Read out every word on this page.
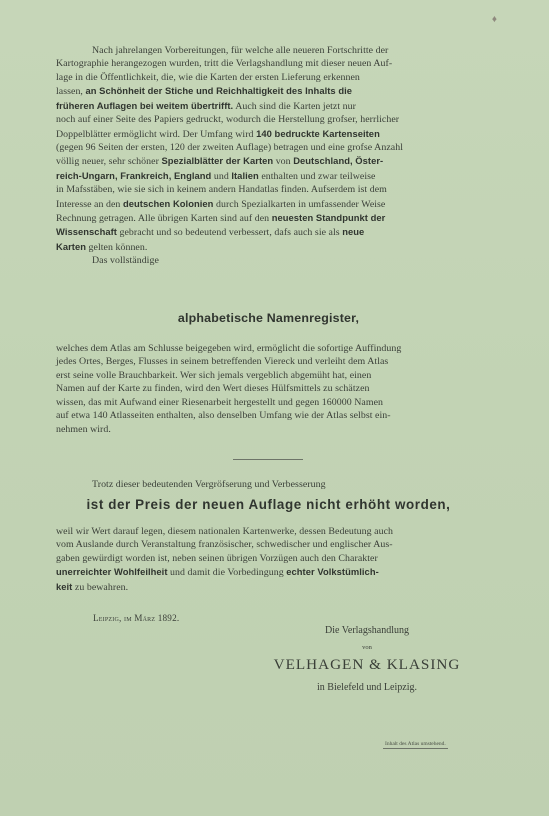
♦
Nach jahrelangen Vorbereitungen, für welche alle neueren Fortschritte der
Kartographie herangezogen wurden, tritt die Verlagshandlung mit dieser neuen Auf-
lage in die Öffentlichkeit, die, wie die Karten der ersten Lieferung erkennen
lassen, an Schönheit der Stiche und Reichhaltigkeit des Inhalts die
früheren Auflagen bei weitem übertrifft. Auch sind die Karten jetzt nur
noch auf einer Seite des Papiers gedruckt, wodurch die Herstellung grofser, herrlicher
Doppelblätter ermöglicht wird. Der Umfang wird 140 bedruckte Kartenseiten
(gegen 96 Seiten der ersten, 120 der zweiten Auflage) betragen und eine grofse Anzahl
völlig neuer, sehr schöner Spezialblätter der Karten von Deutschland, Öster-
reich-Ungarn, Frankreich, England und Italien enthalten und zwar teilweise
in Mafsstäben, wie sie sich in keinem andern Handatlas finden. Aufserdem ist dem
Interesse an den deutschen Kolonien durch Spezialkarten in umfassender Weise
Rechnung getragen. Alle übrigen Karten sind auf den neuesten Standpunkt der
Wissenschaft gebracht und so bedeutend verbessert, dafs auch sie als neue
Karten gelten können.
Das vollständige
alphabetische Namenregister,
welches dem Atlas am Schlusse beigegeben wird, ermöglicht die sofortige Auffindung
jedes Ortes, Berges, Flusses in seinem betreffenden Viereck und verleiht dem Atlas
erst seine volle Brauchbarkeit. Wer sich jemals vergeblich abgemüht hat, einen
Namen auf der Karte zu finden, wird den Wert dieses Hülfsmittels zu schätzen
wissen, das mit Aufwand einer Riesenarbeit hergestellt und gegen 160000 Namen
auf etwa 140 Atlasseiten enthalten, also denselben Umfang wie der Atlas selbst ein-
nehmen wird.
Trotz dieser bedeutenden Vergröfserung und Verbesserung
ist der Preis der neuen Auflage nicht erhöht worden,
weil wir Wert darauf legen, diesem nationalen Kartenwerke, dessen Bedeutung auch
vom Auslande durch Veranstaltung französischer, schwedischer und englischer Aus-
gaben gewürdigt worden ist, neben seinen übrigen Vorzügen auch den Charakter
unerreichter Wohlfeilheit und damit die Vorbedingung echter Volkstümlich-
keit zu bewahren.
Leipzig, im März 1892.
Die Verlagshandlung
von
VELHAGEN & KLASING
in Bielefeld und Leipzig.
Inhalt des Atlas umstehend.
